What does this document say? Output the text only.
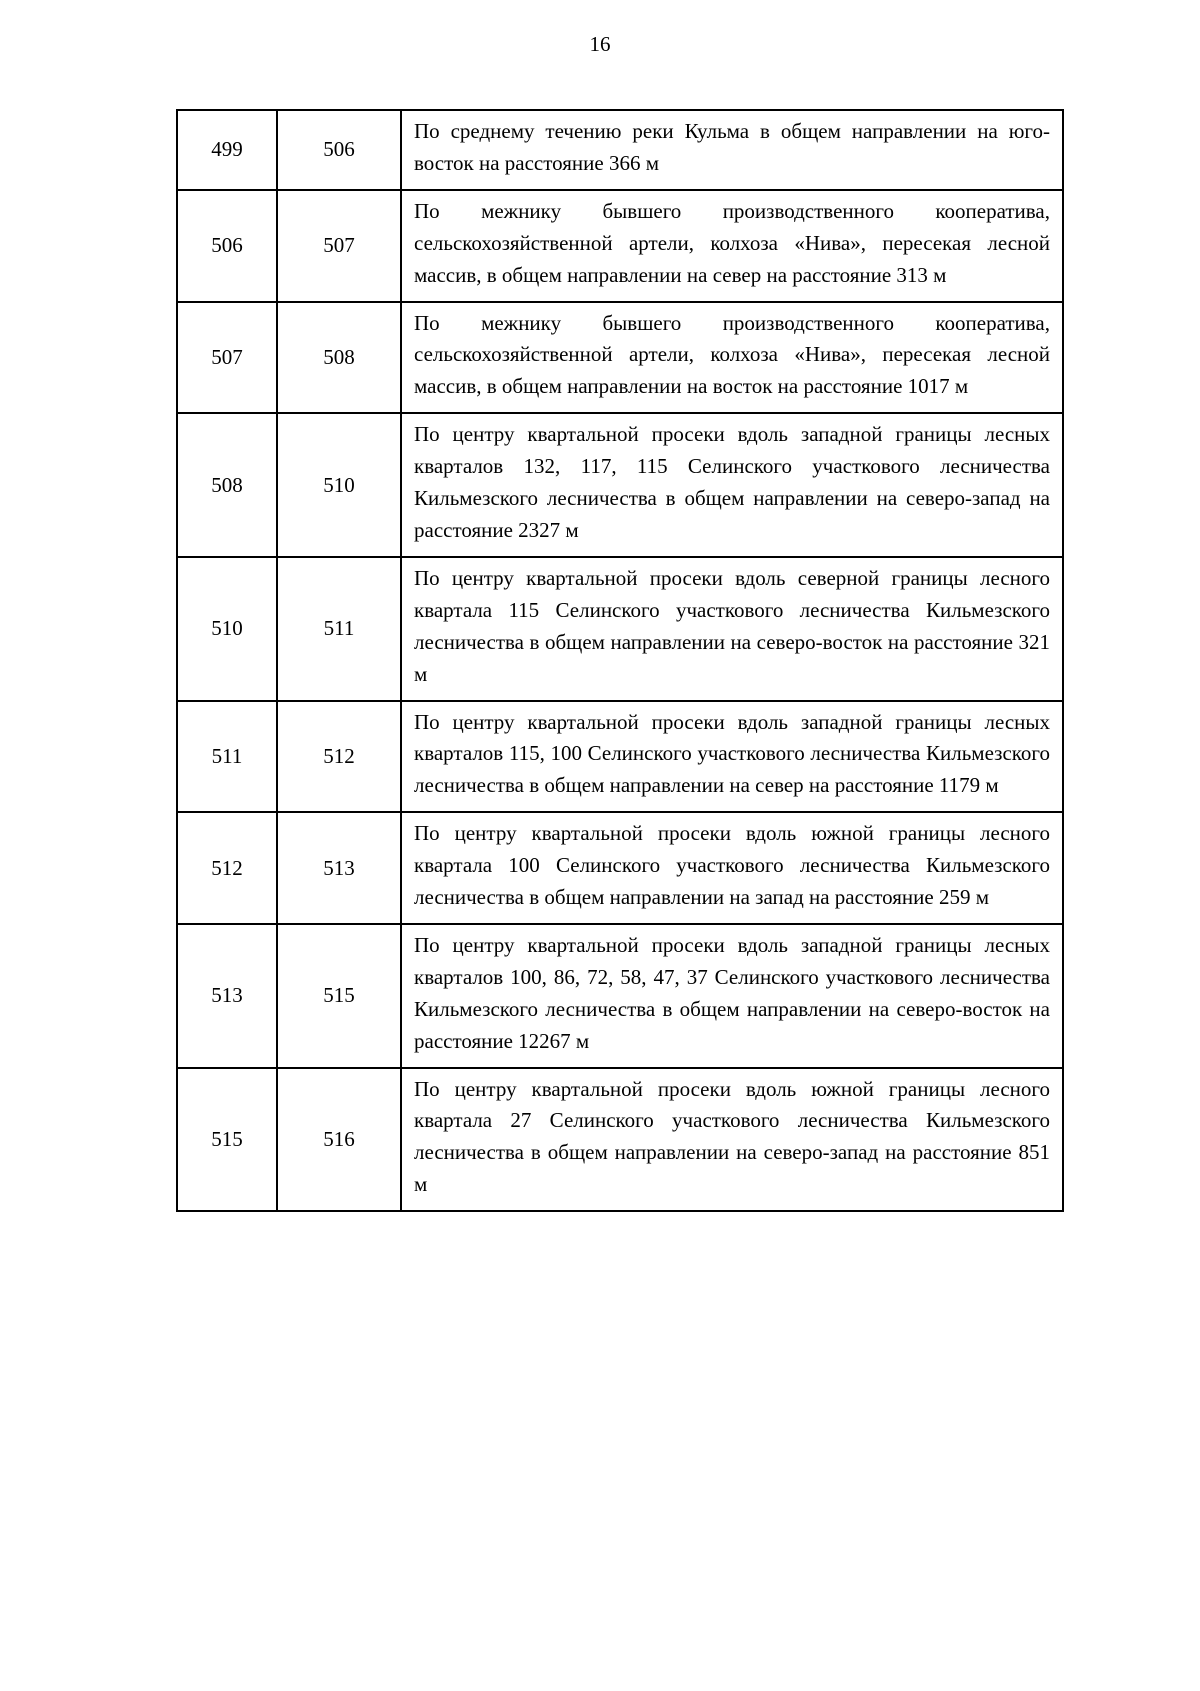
16
499	506	По среднему течению реки Кульма в общем направлении на юго-восток на расстояние 366 м
506	507	По межнику бывшего производственного кооператива, сельскохозяйственной артели, колхоза «Нива», пересекая лесной массив, в общем направлении на север на расстояние 313 м
507	508	По межнику бывшего производственного кооператива, сельскохозяйственной артели, колхоза «Нива», пересекая лесной массив, в общем направлении на восток на расстояние 1017 м
508	510	По центру квартальной просеки вдоль западной границы лесных кварталов 132, 117, 115 Селинского участкового лесничества Кильмезского лесничества в общем направлении на северо-запад на расстояние 2327 м
510	511	По центру квартальной просеки вдоль северной границы лесного квартала 115 Селинского участкового лесничества Кильмезского лесничества в общем направлении на северо-восток на расстояние 321 м
511	512	По центру квартальной просеки вдоль западной границы лесных кварталов 115, 100 Селинского участкового лесничества Кильмезского лесничества в общем направлении на север на расстояние 1179 м
512	513	По центру квартальной просеки вдоль южной границы лесного квартала 100 Селинского участкового лесничества Кильмезского лесничества в общем направлении на запад на расстояние 259 м
513	515	По центру квартальной просеки вдоль западной границы лесных кварталов 100, 86, 72, 58, 47, 37 Селинского участкового лесничества Кильмезского лесничества в общем направлении на северо-восток на расстояние 12267 м
515	516	По центру квартальной просеки вдоль южной границы лесного квартала 27 Селинского участкового лесничества Кильмезского лесничества в общем направлении на северо-запад на расстояние 851 м
